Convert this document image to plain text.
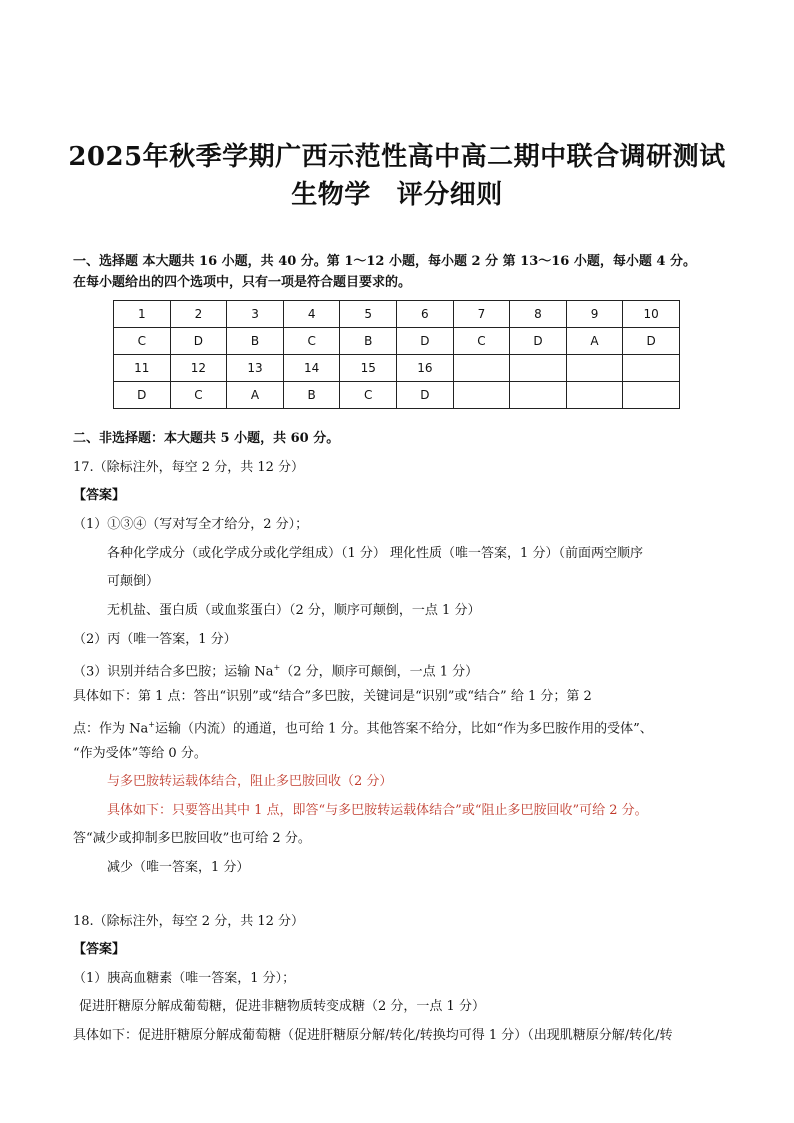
2025年秋季学期广西示范性高中高二期中联合调研测试
生物学 评分细则
一、选择题 本大题共 16 小题，共 40 分。第 1～12 小题，每小题 2 分 第 13～16 小题，每小题 4 分。
在每小题给出的四个选项中，只有一项是符合题目要求的。
1	2	3	4	5	6	7	8	9	10
C	D	B	C	B	D	C	D	A	D
11	12	13	14	15	16				
D	C	A	B	C	D				
二、非选择题：本大题共 5 小题，共 60 分。
17.（除标注外，每空 2 分，共 12 分）
【答案】
（1）①③④（写对写全才给分，2 分）；
各种化学成分（或化学成分或化学组成）（1 分） 理化性质（唯一答案，1 分）（前面两空顺序
可颠倒）
无机盐、蛋白质（或血浆蛋白）（2 分，顺序可颠倒，一点 1 分）
（2）丙（唯一答案，1 分）
（3）识别并结合多巴胺；运输 Na+（2 分，顺序可颠倒，一点 1 分）
具体如下：第 1 点：答出“识别”或“结合”多巴胺，关键词是“识别”或“结合” 给 1 分；第 2
点：作为 Na+运输（内流）的通道，也可给 1 分。其他答案不给分，比如“作为多巴胺作用的受体”、
“作为受体”等给 0 分。
与多巴胺转运载体结合，阻止多巴胺回收（2 分）
具体如下：只要答出其中 1 点，即答“与多巴胺转运载体结合”或“阻止多巴胺回收”可给 2 分。
答“减少或抑制多巴胺回收”也可给 2 分。
减少（唯一答案，1 分）
18.（除标注外，每空 2 分，共 12 分）
【答案】
（1）胰高血糖素（唯一答案，1 分）；
促进肝糖原分解成葡萄糖，促进非糖物质转变成糖（2 分，一点 1 分）
具体如下：促进肝糖原分解成葡萄糖（促进肝糖原分解/转化/转换均可得 1 分）（出现肌糖原分解/转化/转
